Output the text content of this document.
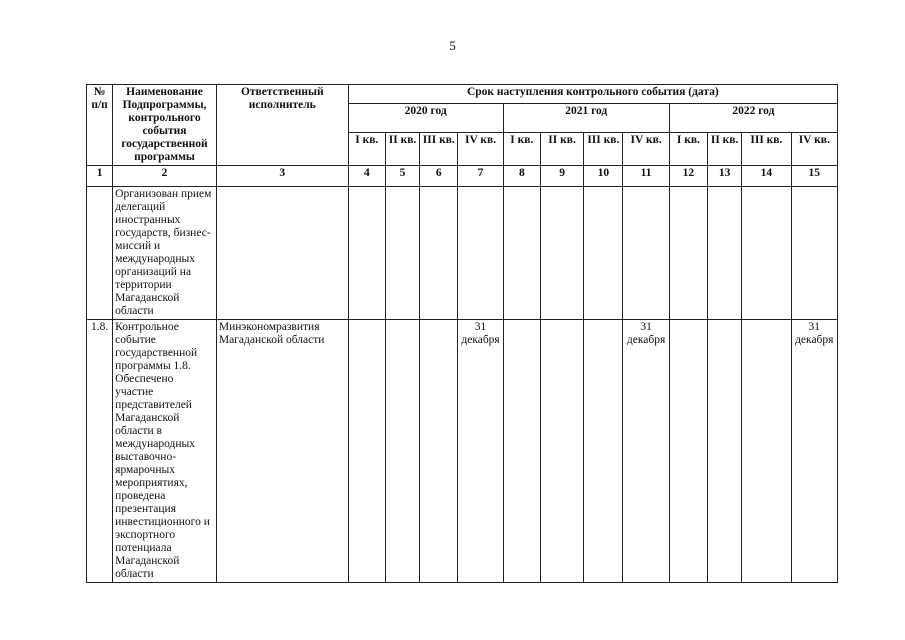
5
№ п/п	Наименование Подпрограммы, контрольного события государственной программы	Ответственный исполнитель	Срок наступления контрольного события (дата)											
			2020 год				2021 год				2022 год			
			I кв.	II кв.	III кв.	IV кв.	I кв.	II кв.	III кв.	IV кв.	I кв.	II кв.	III кв.	IV кв.
1	2	3	4	5	6	7	8	9	10	11	12	13	14	15
	Организован прием делегаций иностранных государств, бизнес-миссий и международных организаций на территории Магаданской области													
1.8.	Контрольное событие государственной программы 1.8. Обеспечено участие представителей Магаданской области в международных выставочно-ярмарочных мероприятиях, проведена презентация инвестиционного и экспортного потенциала Магаданской области	Минэкономразвития Магаданской области				31 декабря				31 декабря				31 декабря
